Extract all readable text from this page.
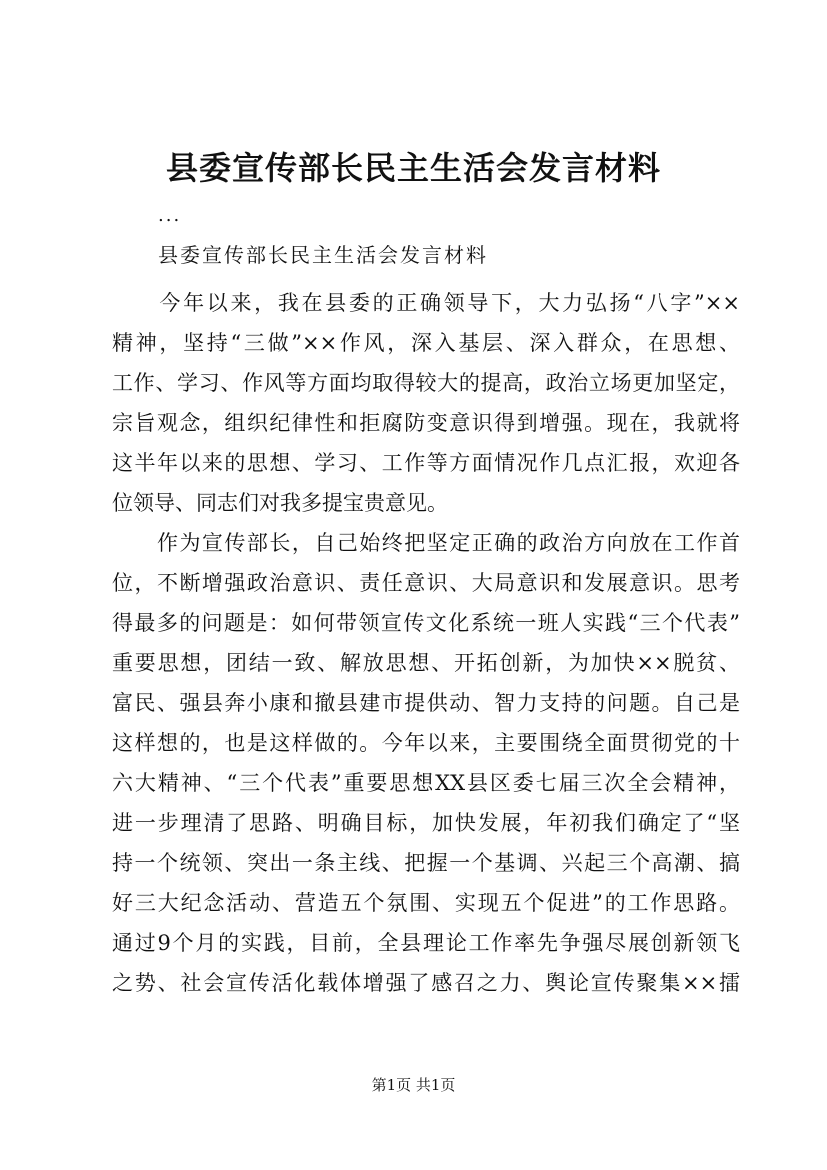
县委宣传部长民主生活会发言材料
...
县委宣传部长民主生活会发言材料
　　今年以来，我在县委的正确领导下，大力弘扬“八字”××
精神，坚持“三做”××作风，深入基层、深入群众，在思想、
工作、学习、作风等方面均取得较大的提高，政治立场更加坚定，
宗旨观念，组织纪律性和拒腐防变意识得到增强。现在，我就将
这半年以来的思想、学习、工作等方面情况作几点汇报，欢迎各
位领导、同志们对我多提宝贵意见。
　　作为宣传部长，自己始终把坚定正确的政治方向放在工作首
位，不断增强政治意识、责任意识、大局意识和发展意识。思考
得最多的问题是：如何带领宣传文化系统一班人实践“三个代表”
重要思想，团结一致、解放思想、开拓创新，为加快××脱贫、
富民、强县奔小康和撤县建市提供动、智力支持的问题。自己是
这样想的，也是这样做的。今年以来，主要围绕全面贯彻党的十
六大精神、“三个代表”重要思想XX县区委七届三次全会精神，
进一步理清了思路、明确目标，加快发展，年初我们确定了“坚
持一个统领、突出一条主线、把握一个基调、兴起三个高潮、搞
好三大纪念活动、营造五个氛围、实现五个促进”的工作思路。
通过9个月的实践，目前，全县理论工作率先争强尽展创新领飞
之势、社会宣传活化载体增强了感召之力、舆论宣传聚集××擂
第1页 共1页
